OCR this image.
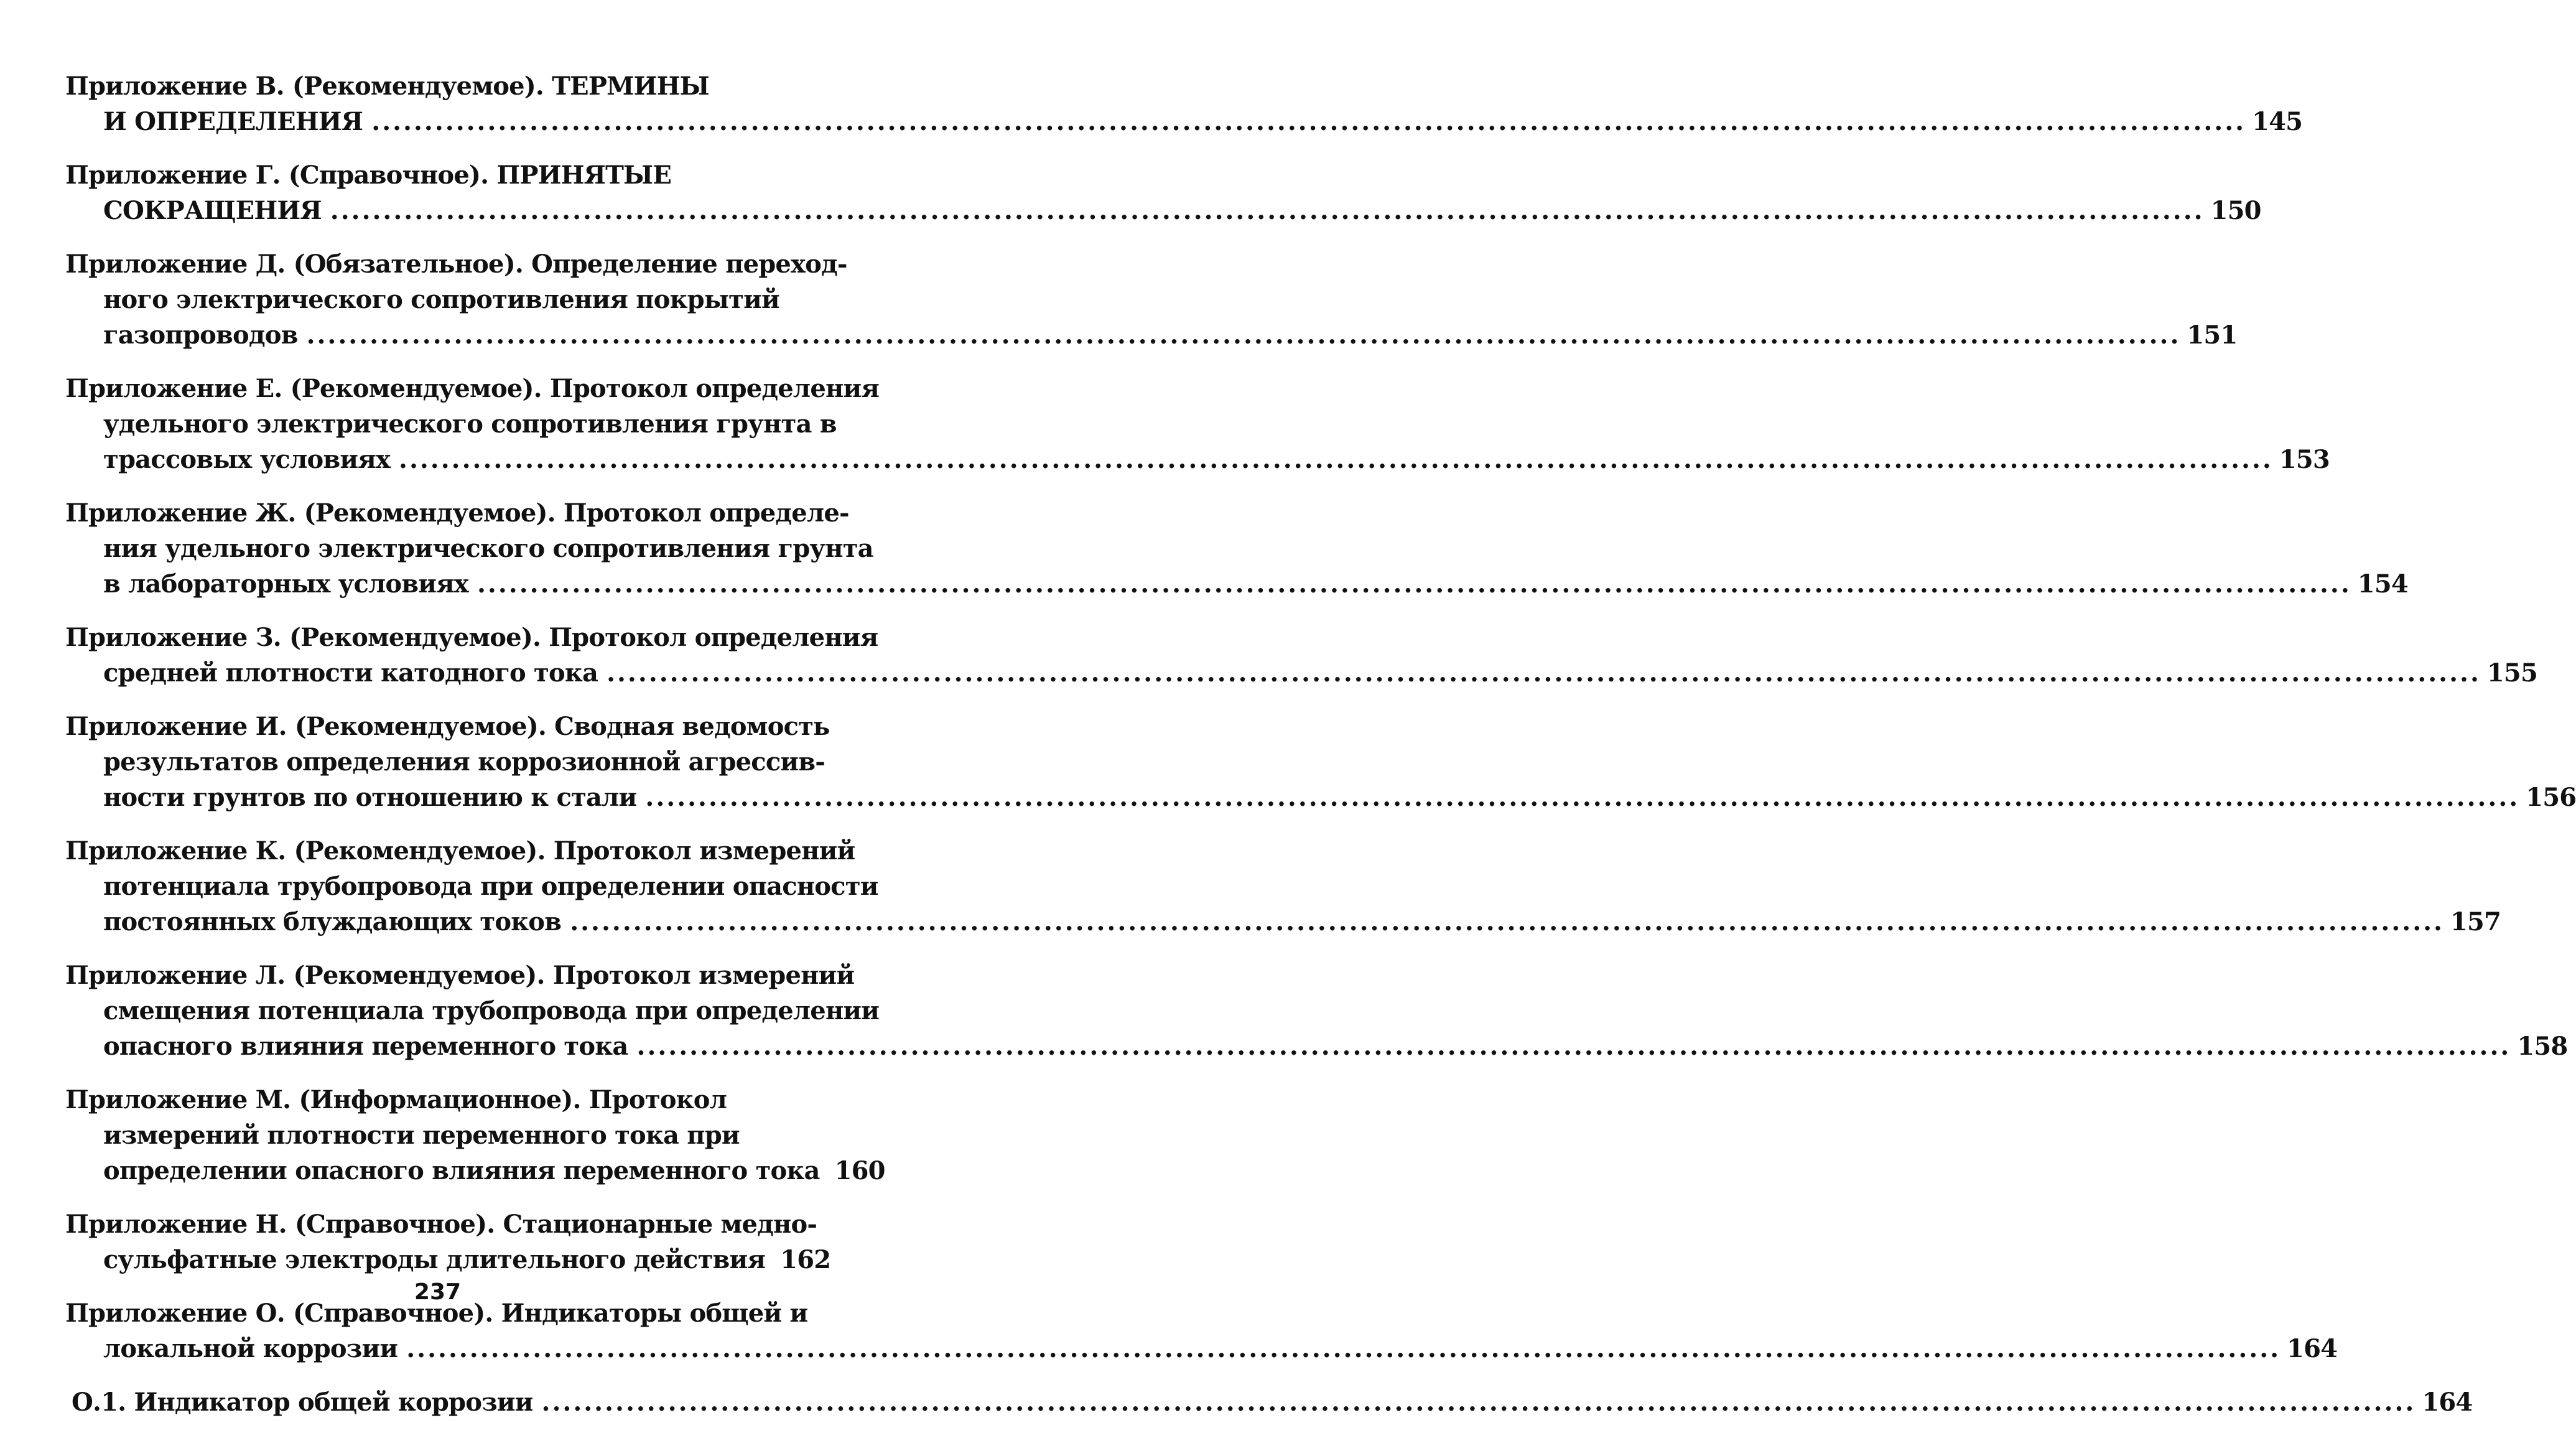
Приложение В. (Рекомендуемое). ТЕРМИНЫ
И ОПРЕДЕЛЕНИЯ .....	145
Приложение Г. (Справочное). ПРИНЯТЫЕ
СОКРАЩЕНИЯ .....	150
Приложение Д. (Обязательное). Определение переход-
ного электрического сопротивления покрытий
газопроводов .....	151
Приложение Е. (Рекомендуемое). Протокол определения
удельного электрического сопротивления грунта в
трассовых условиях .....	153
Приложение Ж. (Рекомендуемое). Протокол определе-
ния удельного электрического сопротивления грунта
в лабораторных условиях .....	154
Приложение З. (Рекомендуемое). Протокол определения
средней плотности катодного тока .....	155
Приложение И. (Рекомендуемое). Сводная ведомость
результатов определения коррозионной агрессив-
ности грунтов по отношению к стали .....	156
Приложение К. (Рекомендуемое). Протокол измерений
потенциала трубопровода при определении опасности
постоянных блуждающих токов .....	157
Приложение Л. (Рекомендуемое). Протокол измерений
смещения потенциала трубопровода при определении
опасного влияния переменного тока .....	158
Приложение М. (Информационное). Протокол
измерений плотности переменного тока при
определении опасного влияния переменного тока 160
Приложение Н. (Справочное). Стационарные медно-
сульфатные электроды длительного действия 162
Приложение О. (Справочное). Индикаторы общей и
локальной коррозии .....	164
О.1. Индикатор общей коррозии .....	164
237
